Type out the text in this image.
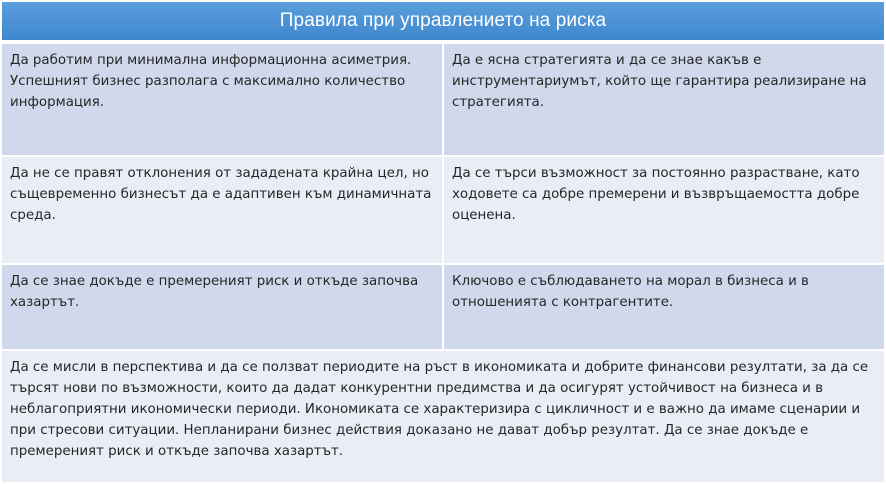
Правила при управлението на риска
Да работим при минимална информационна асиметрия. Успешният бизнес разполага с максимално количество информация.
Да е ясна стратегията и да се знае какъв е инструментариумът, който ще гарантира реализиране на стратегията.
Да не се правят отклонения от зададената крайна цел, но същевременно бизнесът да е адаптивен към динамичната среда.
Да се търси възможност за постоянно разрастване, като ходовете са добре премерени и възвръщаемостта добре оценена.
Да се знае докъде е премереният риск и откъде започва хазартът.
Ключово е съблюдаването на морал в бизнеса и в отношенията с контрагентите.
Да се мисли в перспектива и да се ползват периодите на ръст в икономиката и добрите финансови резултати, за да се търсят нови по възможности, които да дадат конкурентни предимства и да осигурят устойчивост на бизнеса и в неблагоприятни икономически периоди. Икономиката се характеризира с цикличност и е важно да имаме сценарии и при стресови ситуации. Непланирани бизнес действия доказано не дават добър резултат. Да се знае докъде е премереният риск и откъде започва хазартът.
